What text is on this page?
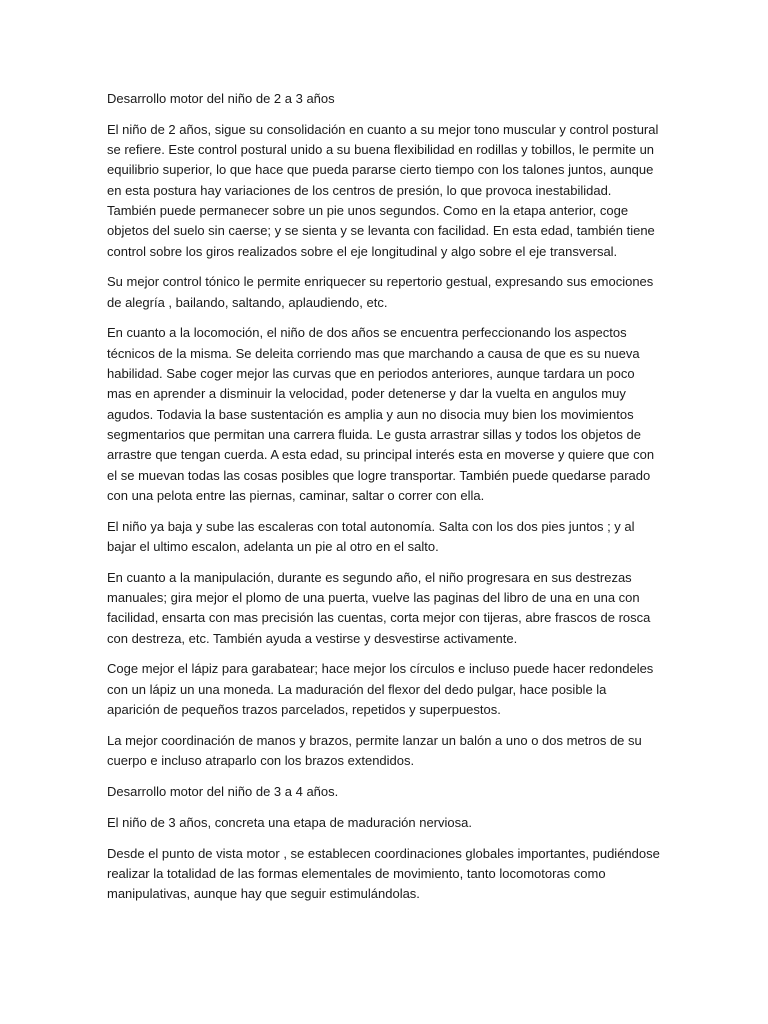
Desarrollo motor del niño de 2 a 3 años

El niño de 2 años, sigue su consolidación en cuanto a su mejor tono muscular y control postural se refiere. Este control postural unido a su buena flexibilidad en rodillas y tobillos, le permite un equilibrio superior, lo que hace que pueda pararse cierto tiempo con los talones juntos, aunque en esta postura hay variaciones de los centros de presión, lo que provoca inestabilidad. También puede permanecer sobre un pie unos segundos. Como en la etapa anterior, coge objetos del suelo sin caerse; y se sienta y se levanta con facilidad. En esta edad, también tiene control sobre los giros realizados sobre el eje longitudinal y algo sobre el eje transversal.

Su mejor control tónico le permite enriquecer su repertorio gestual, expresando sus emociones de alegría , bailando, saltando, aplaudiendo, etc.

En cuanto a la locomoción, el niño de dos años se encuentra perfeccionando los aspectos técnicos de la misma. Se deleita corriendo mas que marchando a causa de que es su nueva habilidad. Sabe coger mejor las curvas que en periodos anteriores, aunque tardara un poco mas en aprender a disminuir la velocidad, poder detenerse y dar la vuelta en angulos muy agudos. Todavia la base sustentación es amplia y aun no disocia muy bien los movimientos segmentarios que permitan una carrera fluida. Le gusta arrastrar sillas y todos los objetos de arrastre que tengan cuerda. A esta edad, su principal interés esta en moverse y quiere que con el se muevan todas las cosas posibles que logre transportar. También puede quedarse parado con una pelota entre las piernas, caminar, saltar o correr con ella.

El niño ya baja y sube las escaleras con total autonomía. Salta con los dos pies juntos ; y al bajar el ultimo escalon, adelanta un pie al otro en el salto.

En cuanto a la manipulación, durante es segundo año, el niño progresara en sus destrezas manuales; gira mejor el plomo de una puerta, vuelve las paginas del libro de una en una con facilidad, ensarta con mas precisión las cuentas, corta mejor con tijeras, abre frascos de rosca con destreza, etc. También ayuda a vestirse y desvestirse activamente.

Coge mejor el lápiz para garabatear; hace mejor los círculos e incluso puede hacer redondeles con un lápiz un una moneda. La maduración del flexor del dedo pulgar, hace posible la aparición de pequeños trazos parcelados, repetidos y superpuestos.

La mejor coordinación de manos y brazos, permite lanzar un balón a uno o dos metros de su cuerpo e incluso atraparlo con los brazos extendidos.

Desarrollo motor del niño de 3 a 4 años.

El niño de 3 años, concreta una etapa de maduración nerviosa.

Desde el punto de vista motor , se establecen coordinaciones globales importantes, pudiéndose realizar la totalidad de las formas elementales de movimiento, tanto locomotoras como manipulativas, aunque hay que seguir estimulándolas.
